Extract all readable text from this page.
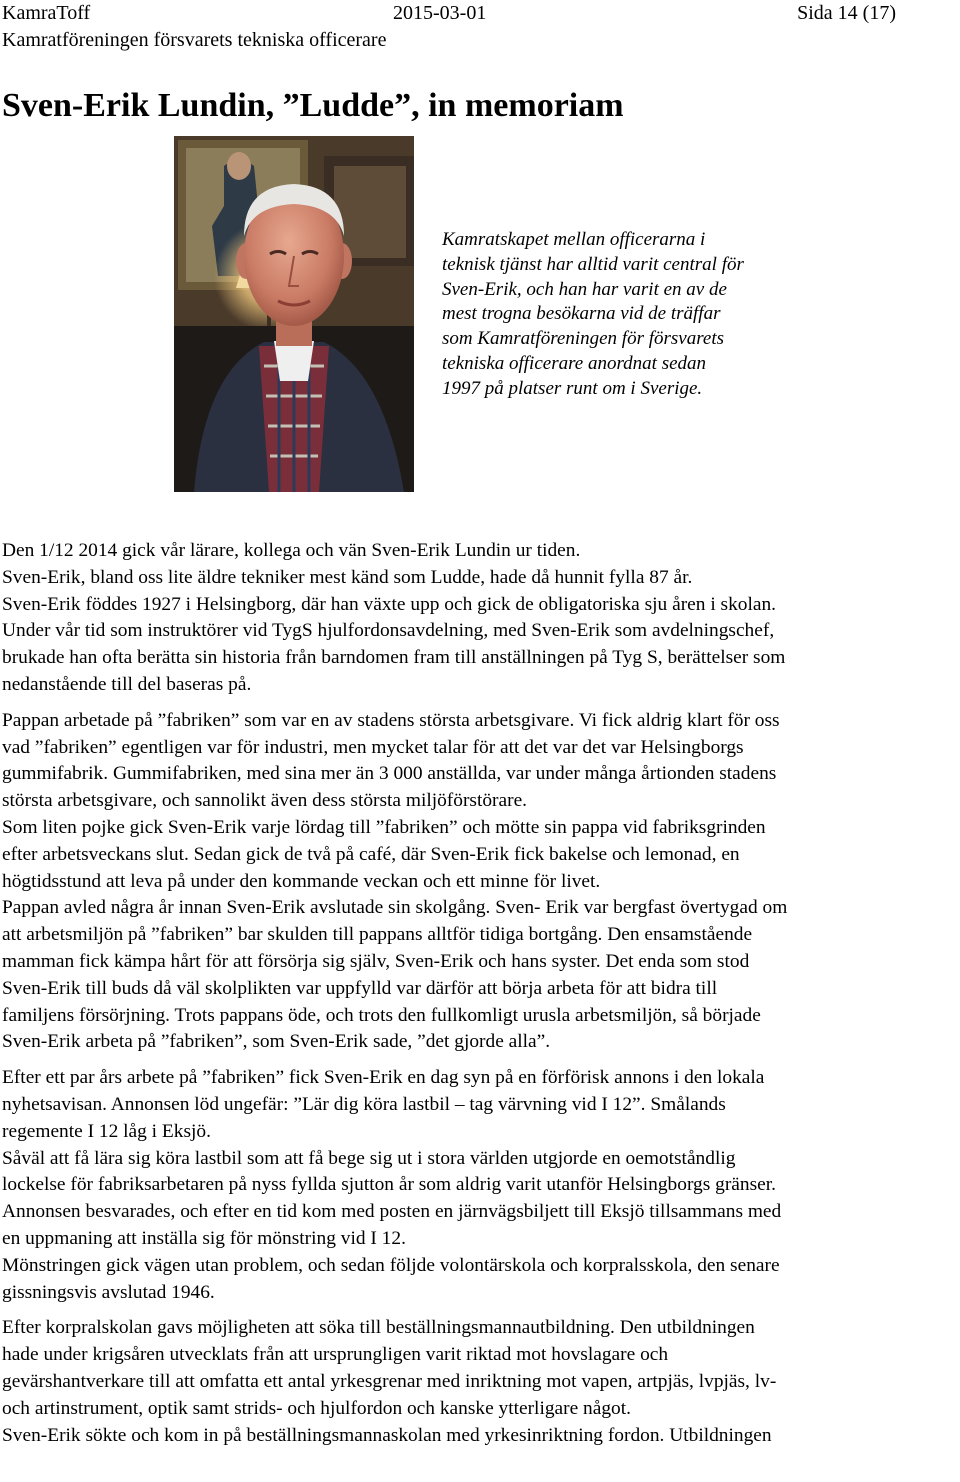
KamraToff	2015-03-01	Sida 14 (17)
Kamratföreningen försvarets tekniska officerare
Sven-Erik Lundin, ”Ludde”, in memoriam
Kamratskapet mellan officerarna i
teknisk tjänst har alltid varit central för
Sven-Erik, och han har varit en av de
mest trogna besökarna vid de träffar
som Kamratföreningen för försvarets
tekniska officerare anordnat sedan
1997 på platser runt om i Sverige.

Den 1/12 2014 gick vår lärare, kollega och vän Sven-Erik Lundin ur tiden.

Sven-Erik, bland oss lite äldre tekniker mest känd som Ludde, hade då hunnit fylla 87 år.

Sven-Erik föddes 1927 i Helsingborg, där han växte upp och gick de obligatoriska sju åren i skolan.

Under vår tid som instruktörer vid TygS hjulfordonsavdelning, med Sven-Erik som avdelningschef,

brukade han ofta berätta sin historia från barndomen fram till anställningen på Tyg S, berättelser som

nedanstående till del baseras på.

Pappan arbetade på ”fabriken” som var en av stadens största arbetsgivare. Vi fick aldrig klart för oss

vad ”fabriken” egentligen var för industri, men mycket talar för att det var det var Helsingborgs

gummifabrik. Gummifabriken, med sina mer än 3 000 anställda, var under många årtionden stadens

största arbetsgivare, och sannolikt även dess största miljöförstörare.

Som liten pojke gick Sven-Erik varje lördag till ”fabriken” och mötte sin pappa vid fabriksgrinden

efter arbetsveckans slut. Sedan gick de två på café, där Sven-Erik fick bakelse och lemonad, en

högtidsstund att leva på under den kommande veckan och ett minne för livet.

Pappan avled några år innan Sven-Erik avslutade sin skolgång. Sven- Erik var bergfast övertygad om

att arbetsmiljön på ”fabriken” bar skulden till pappans alltför tidiga bortgång. Den ensamstående

mamman fick kämpa hårt för att försörja sig själv, Sven-Erik och hans syster. Det enda som stod

Sven-Erik till buds då väl skolplikten var uppfylld var därför att börja arbeta för att bidra till

familjens försörjning. Trots pappans öde, och trots den fullkomligt urusla arbetsmiljön, så började

Sven-Erik arbeta på ”fabriken”, som Sven-Erik sade, ”det gjorde alla”.

Efter ett par års arbete på ”fabriken” fick Sven-Erik en dag syn på en förförisk annons i den lokala

nyhetsavisan. Annonsen löd ungefär: ”Lär dig köra lastbil – tag värvning vid I 12”. Smålands

regemente I 12 låg i Eksjö.

Såväl att få lära sig köra lastbil som att få bege sig ut i stora världen utgjorde en oemotståndlig

lockelse för fabriksarbetaren på nyss fyllda sjutton år som aldrig varit utanför Helsingborgs gränser.

Annonsen besvarades, och efter en tid kom med posten en järnvägsbiljett till Eksjö tillsammans med

en uppmaning att inställa sig för mönstring vid I 12.

Mönstringen gick vägen utan problem, och sedan följde volontärskola och korpralsskola, den senare

gissningsvis avslutad 1946.

Efter korpralskolan gavs möjligheten att söka till beställningsmannautbildning. Den utbildningen

hade under krigsåren utvecklats från att ursprungligen varit riktad mot hovslagare och

gevärshantverkare till att omfatta ett antal yrkesgrenar med inriktning mot vapen, artpjäs, lvpjäs, lv-

och artinstrument, optik samt strids- och hjulfordon och kanske ytterligare något.

Sven-Erik sökte och kom in på beställningsmannaskolan med yrkesinriktning fordon. Utbildningen
